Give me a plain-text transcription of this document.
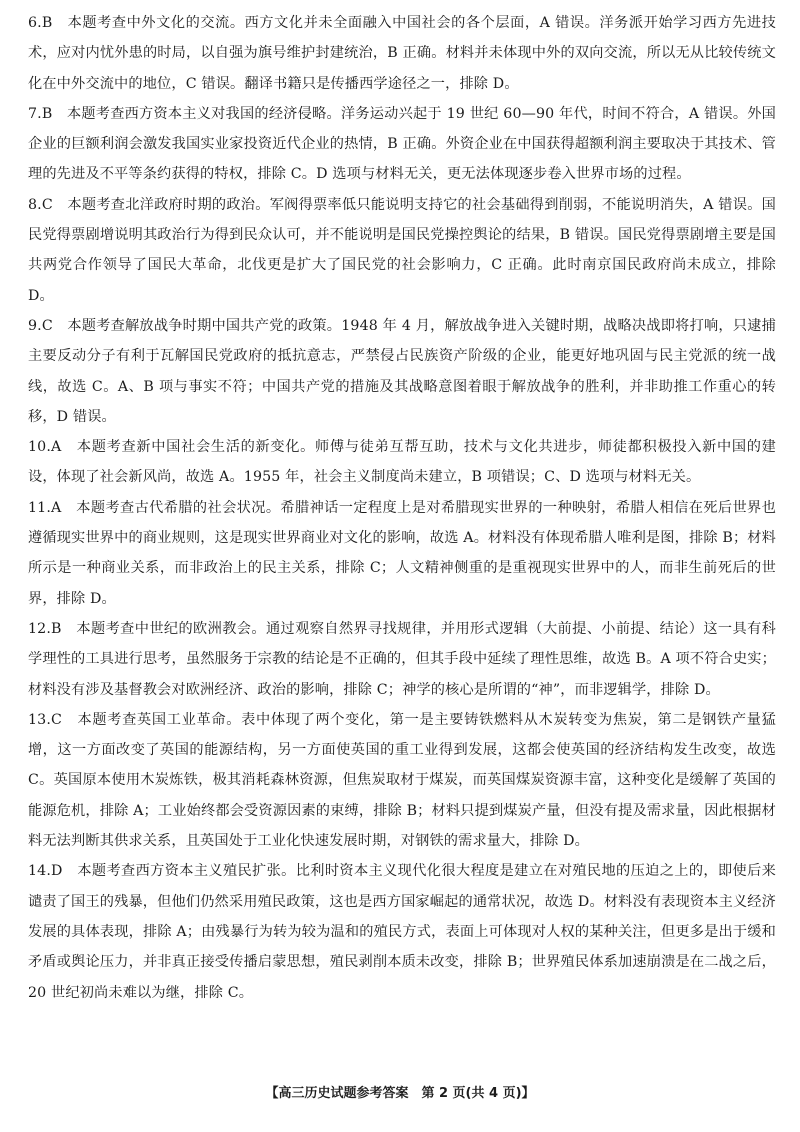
6.B　 本题考查中外文化的交流。西方文化并未全面融入中国社会的各个层面，A 错误。洋务派开始学习西方先进技术，应对内忧外患的时局，以自强为旗号维护封建统治，B 正确。材料并未体现中外的双向交流，所以无从比较传统文化在中外交流中的地位，C 错误。翻译书籍只是传播西学途径之一，排除 D。

7.B　 本题考查西方资本主义对我国的经济侵略。洋务运动兴起于 19 世纪 60—90 年代，时间不符合，A 错误。外国企业的巨额利润会激发我国实业家投资近代企业的热情，B 正确。外资企业在中国获得超额利润主要取决于其技术、管理的先进及不平等条约获得的特权，排除 C。D 选项与材料无关，更无法体现逐步卷入世界市场的过程。

8.C　 本题考查北洋政府时期的政治。军阀得票率低只能说明支持它的社会基础得到削弱，不能说明消失，A 错误。国民党得票剧增说明其政治行为得到民众认可，并不能说明是国民党操控舆论的结果，B 错误。国民党得票剧增主要是国共两党合作领导了国民大革命，北伐更是扩大了国民党的社会影响力，C 正确。此时南京国民政府尚未成立，排除 D。

9.C　 本题考查解放战争时期中国共产党的政策。1948 年 4 月，解放战争进入关键时期，战略决战即将打响，只逮捕主要反动分子有利于瓦解国民党政府的抵抗意志，严禁侵占民族资产阶级的企业，能更好地巩固与民主党派的统一战线，故选 C。A、B 项与事实不符；中国共产党的措施及其战略意图着眼于解放战争的胜利，并非助推工作重心的转移，D 错误。

10.A　 本题考查新中国社会生活的新变化。师傅与徒弟互帮互助，技术与文化共进步，师徒都积极投入新中国的建设，体现了社会新风尚，故选 A。1955 年，社会主义制度尚未建立，B 项错误；C、D 选项与材料无关。

11.A　 本题考查古代希腊的社会状况。希腊神话一定程度上是对希腊现实世界的一种映射，希腊人相信在死后世界也遵循现实世界中的商业规则，这是现实世界商业对文化的影响，故选 A。材料没有体现希腊人唯利是图，排除 B；材料所示是一种商业关系，而非政治上的民主关系，排除 C；人文精神侧重的是重视现实世界中的人，而非生前死后的世界，排除 D。

12.B　 本题考查中世纪的欧洲教会。通过观察自然界寻找规律，并用形式逻辑（大前提、小前提、结论）这一具有科学理性的工具进行思考，虽然服务于宗教的结论是不正确的，但其手段中延续了理性思维，故选 B。A 项不符合史实；材料没有涉及基督教会对欧洲经济、政治的影响，排除 C；神学的核心是所谓的“神”，而非逻辑学，排除 D。

13.C　 本题考查英国工业革命。表中体现了两个变化，第一是主要铸铁燃料从木炭转变为焦炭，第二是钢铁产量猛增，这一方面改变了英国的能源结构，另一方面使英国的重工业得到发展，这都会使英国的经济结构发生改变，故选 C。英国原本使用木炭炼铁，极其消耗森林资源，但焦炭取材于煤炭，而英国煤炭资源丰富，这种变化是缓解了英国的能源危机，排除 A；工业始终都会受资源因素的束缚，排除 B；材料只提到煤炭产量，但没有提及需求量，因此根据材料无法判断其供求关系，且英国处于工业化快速发展时期，对钢铁的需求量大，排除 D。

14.D　 本题考查西方资本主义殖民扩张。比利时资本主义现代化很大程度是建立在对殖民地的压迫之上的，即使后来谴责了国王的残暴，但他们仍然采用殖民政策，这也是西方国家崛起的通常状况，故选 D。材料没有表现资本主义经济发展的具体表现，排除 A；由残暴行为转为较为温和的殖民方式，表面上可体现对人权的某种关注，但更多是出于缓和矛盾或舆论压力，并非真正接受传播启蒙思想，殖民剥削本质未改变，排除 B；世界殖民体系加速崩溃是在二战之后，20 世纪初尚未难以为继，排除 C。

【高三历史试题参考答案　第 2 页(共 4 页)】
